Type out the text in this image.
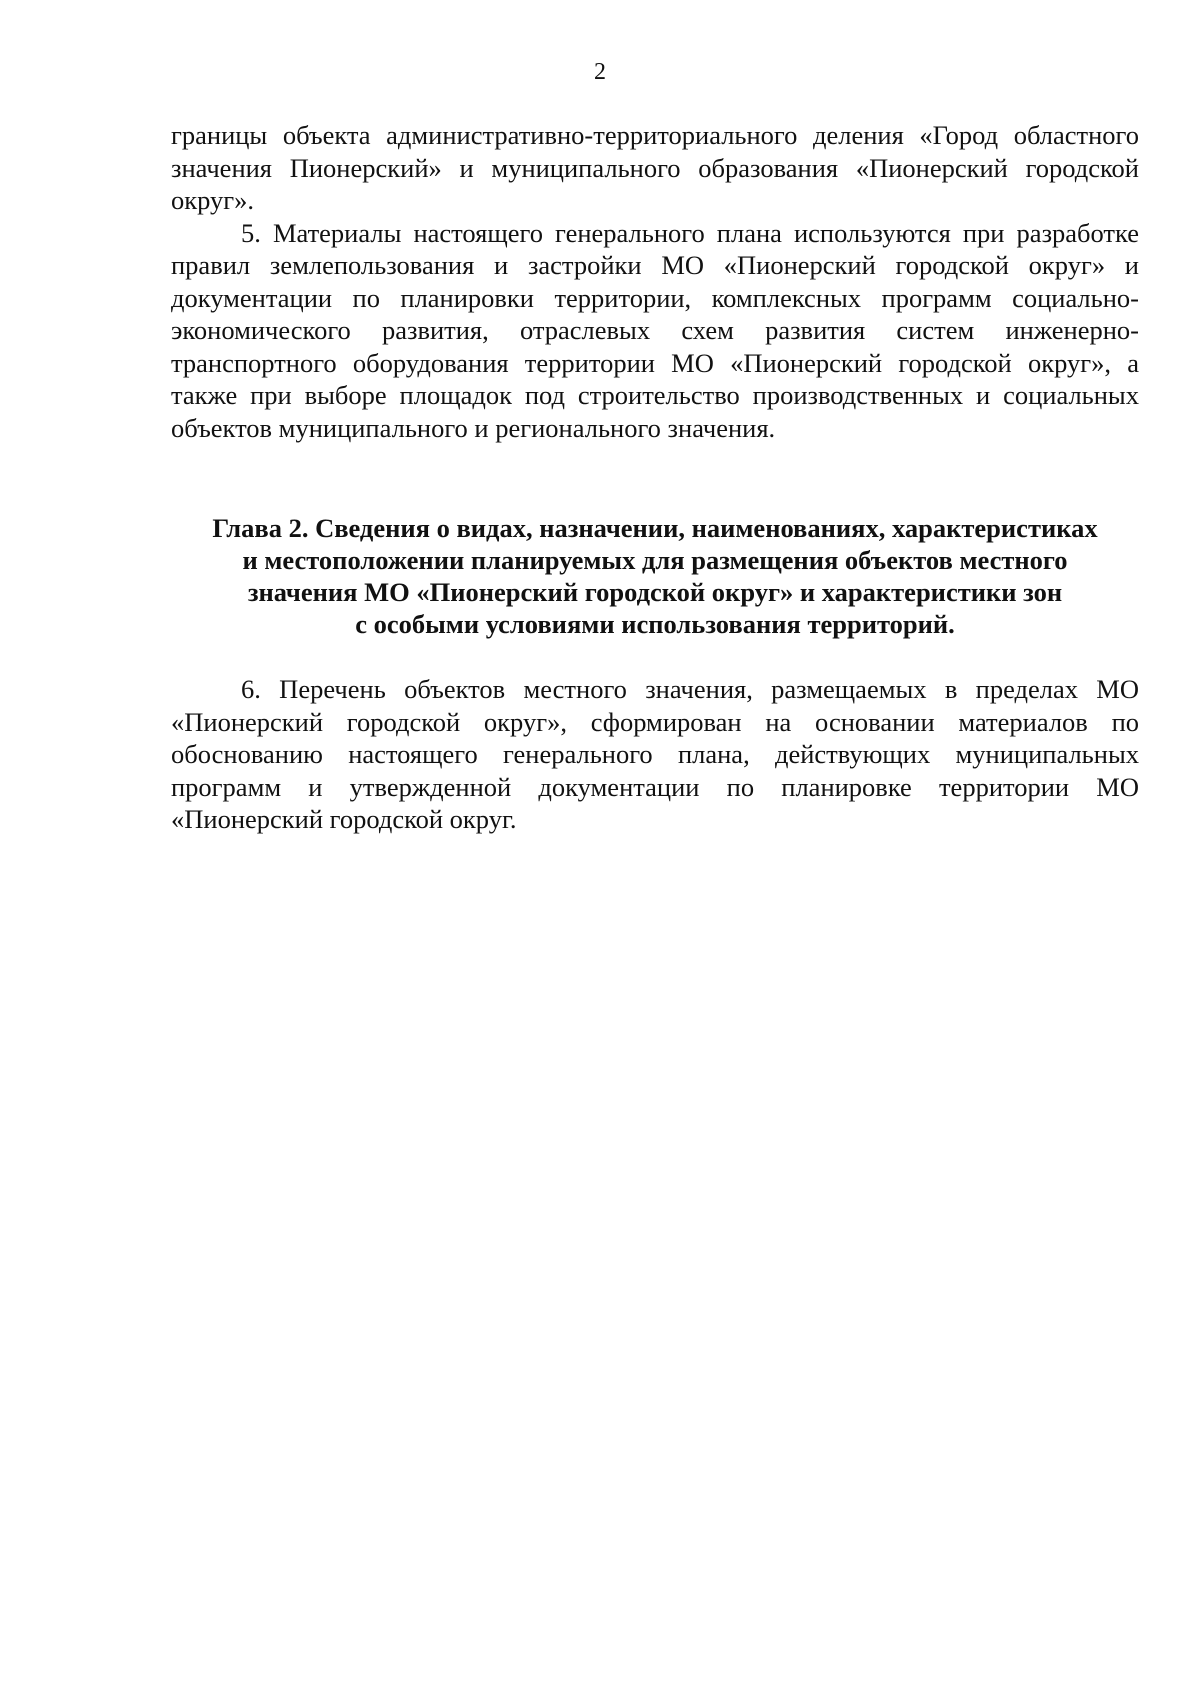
2

границы объекта административно-территориального деления «Город областного значения Пионерский» и муниципального образования «Пионерский городской округ».

5. Материалы настоящего генерального плана используются при разработке правил землепользования и застройки МО «Пионерский городской округ» и документации по планировки территории, комплексных программ социально-экономического развития, отраслевых схем развития систем инженерно-транспортного оборудования территории МО «Пионерский городской округ», а также при выборе площадок под строительство производственных и социальных объектов муниципального и регионального значения.

Глава 2. Сведения о видах, назначении, наименованиях, характеристиках
и местоположении планируемых для размещения объектов местного
значения МО «Пионерский городской округ» и характеристики зон
с особыми условиями использования территорий.

6. Перечень объектов местного значения, размещаемых в пределах МО «Пионерский городской округ», сформирован на основании материалов по обоснованию настоящего генерального плана, действующих муниципальных программ и утвержденной документации по планировке территории МО «Пионерский городской округ.
